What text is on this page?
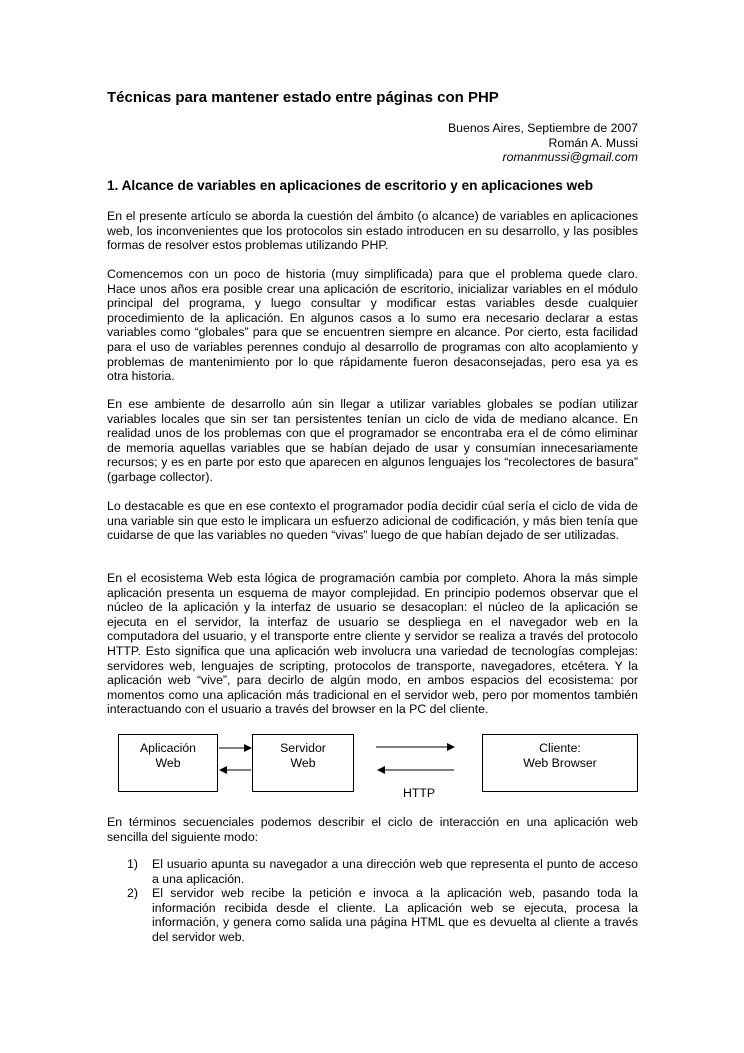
Técnicas para mantener estado entre páginas con PHP
Buenos Aires, Septiembre de 2007
Román A. Mussi
romanmussi@gmail.com
1. Alcance de variables en aplicaciones de escritorio y en aplicaciones web

En el presente artículo se aborda la cuestión del ámbito (o alcance) de variables en aplicaciones web, los inconvenientes que los protocolos sin estado introducen en su desarrollo, y las posibles formas de resolver estos problemas utilizando PHP.

Comencemos con un poco de historia (muy simplificada) para que el problema quede claro. Hace unos años era posible crear una aplicación de escritorio, inicializar variables en el módulo principal del programa, y luego consultar y modificar estas variables desde cualquier procedimiento de la aplicación. En algunos casos a lo sumo era necesario declarar a estas variables como “globales” para que se encuentren siempre en alcance. Por cierto, esta facilidad para el uso de variables perennes condujo al desarrollo de programas con alto acoplamiento y problemas de mantenimiento por lo que rápidamente fueron desaconsejadas, pero esa ya es otra historia.

En ese ambiente de desarrollo aún sin llegar a utilizar variables globales se podían utilizar variables locales que sin ser tan persistentes tenían un ciclo de vida de mediano alcance. En realidad unos de los problemas con que el programador se encontraba era el de cómo eliminar de memoria aquellas variables que se habían dejado de usar y consumían innecesariamente recursos; y es en parte por esto que aparecen en algunos lenguajes los “recolectores de basura” (garbage collector).

Lo destacable es que en ese contexto el programador podía decidir cúal sería el ciclo de vida de una variable sin que esto le implicara un esfuerzo adicional de codificación, y más bien tenía que cuidarse de que las variables no queden “vivas” luego de que habían dejado de ser utilizadas.

En el ecosistema Web esta lógica de programación cambia por completo. Ahora la más simple aplicación presenta un esquema de mayor complejidad. En principio podemos observar que el núcleo de la aplicación y la interfaz de usuario se desacoplan: el núcleo de la aplicación se ejecuta en el servidor, la interfaz de usuario se despliega en el navegador web en la computadora del usuario, y el transporte entre cliente y servidor se realiza a través del protocolo HTTP. Esto significa que una aplicación web involucra una variedad de tecnologías complejas: servidores web, lenguajes de scripting, protocolos de transporte, navegadores, etcétera. Y la aplicación web “vive”, para decirlo de algún modo, en ambos espacios del ecosistema: por momentos como una aplicación más tradicional en el servidor web, pero por momentos también interactuando con el usuario a través del browser en la PC del cliente.

Aplicación
Web
Servidor
Web
Cliente:
Web Browser
HTTP

En términos secuenciales podemos describir el ciclo de interacción en una aplicación web sencilla del siguiente modo:

1) El usuario apunta su navegador a una dirección web que representa el punto de acceso a una aplicación.
2) El servidor web recibe la petición e invoca a la aplicación web, pasando toda la información recibida desde el cliente. La aplicación web se ejecuta, procesa la información, y genera como salida una página HTML que es devuelta al cliente a través del servidor web.
